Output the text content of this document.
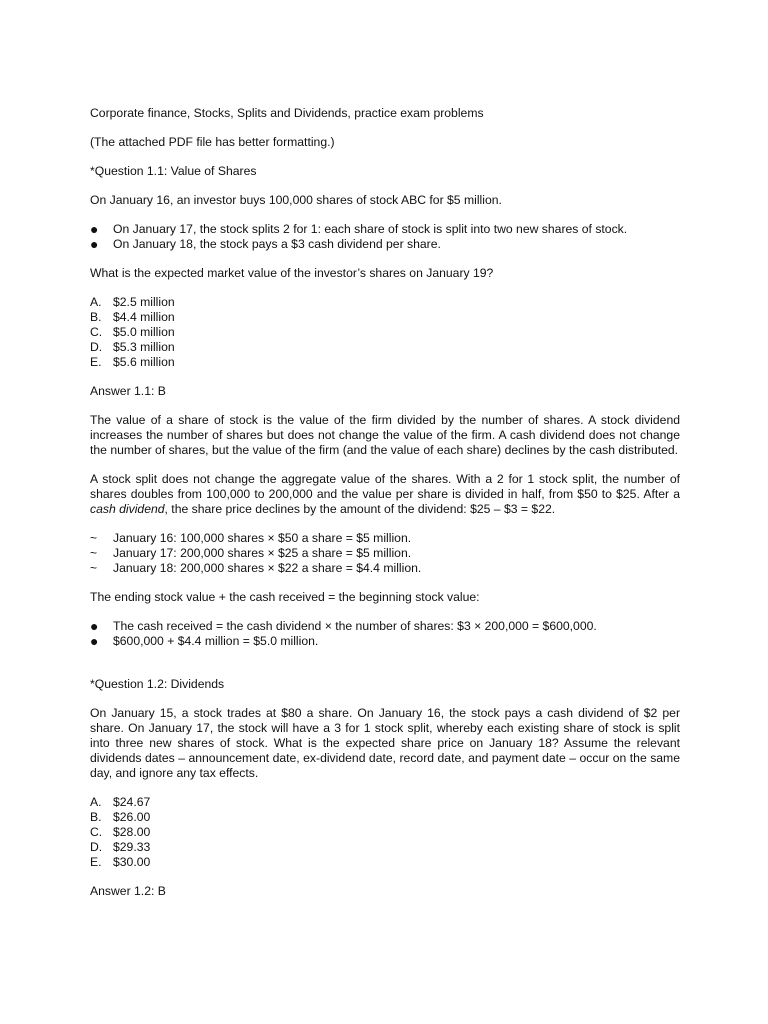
Corporate finance, Stocks, Splits and Dividends, practice exam problems

(The attached PDF file has better formatting.)

*Question 1.1: Value of Shares

On January 16, an investor buys 100,000 shares of stock ABC for $5 million.

●	On January 17, the stock splits 2 for 1: each share of stock is split into two new shares of stock.
●	On January 18, the stock pays a $3 cash dividend per share.

What is the expected market value of the investor’s shares on January 19?

A. $2.5 million
B. $4.4 million
C. $5.0 million
D. $5.3 million
E. $5.6 million

Answer 1.1: B

The value of a share of stock is the value of the firm divided by the number of shares. A stock dividend increases the number of shares but does not change the value of the firm. A cash dividend does not change the number of shares, but the value of the firm (and the value of each share) declines by the cash distributed.

A stock split does not change the aggregate value of the shares. With a 2 for 1 stock split, the number of shares doubles from 100,000 to 200,000 and the value per share is divided in half, from $50 to $25. After a cash dividend, the share price declines by the amount of the dividend: $25 – $3 = $22.

~	January 16: 100,000 shares × $50 a share = $5 million.
~	January 17: 200,000 shares × $25 a share = $5 million.
~	January 18: 200,000 shares × $22 a share = $4.4 million.

The ending stock value + the cash received = the beginning stock value:

●	The cash received = the cash dividend × the number of shares: $3 × 200,000 = $600,000.
●	$600,000 + $4.4 million = $5.0 million.

*Question 1.2: Dividends

On January 15, a stock trades at $80 a share. On January 16, the stock pays a cash dividend of $2 per share. On January 17, the stock will have a 3 for 1 stock split, whereby each existing share of stock is split into three new shares of stock. What is the expected share price on January 18? Assume the relevant dividends dates – announcement date, ex-dividend date, record date, and payment date – occur on the same day, and ignore any tax effects.

A. $24.67
B. $26.00
C. $28.00
D. $29.33
E. $30.00

Answer 1.2: B
